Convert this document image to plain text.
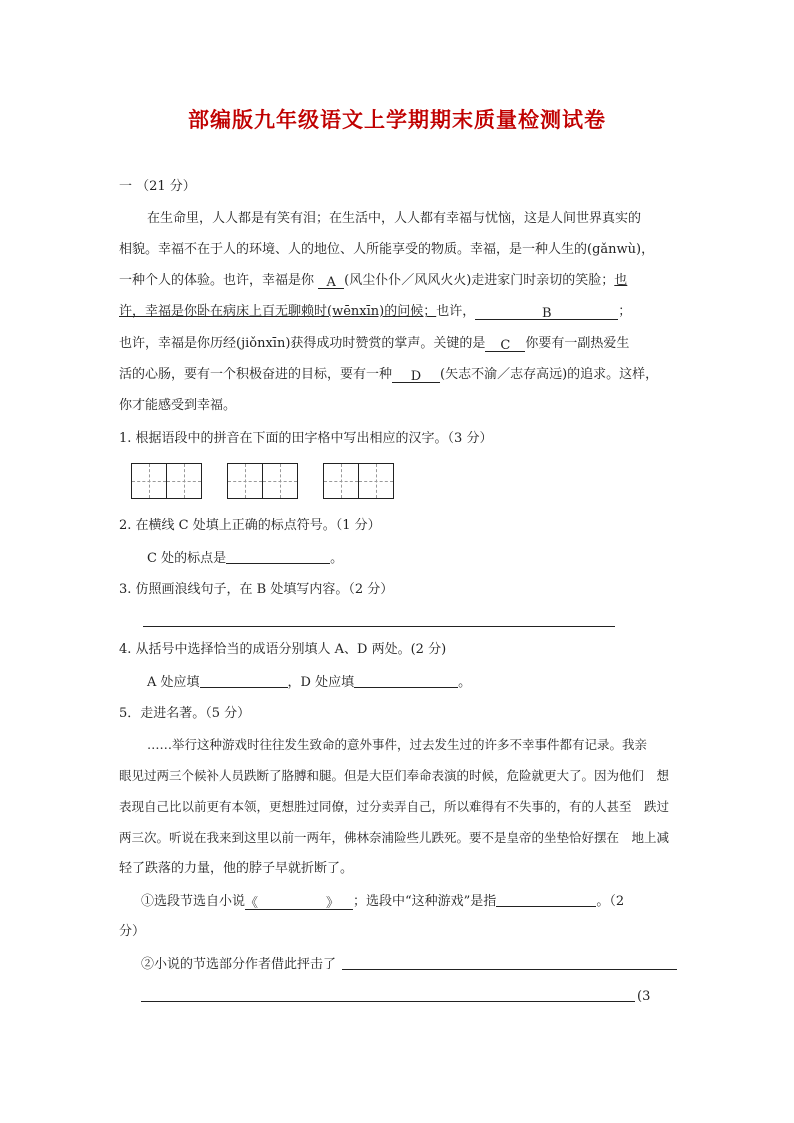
部编版九年级语文上学期期末质量检测试卷
一 （21 分）
在生命里，人人都是有笑有泪；在生活中，人人都有幸福与忧恼，这是人间世界真实的
相貌。幸福不在于人的环境、人的地位、人所能享受的物质。幸福，是一种人生的(gǎnwù)，
一种个人的体验。也许，幸福是你 A (风尘仆仆／风风火火)走进家门时亲切的笑脸；也
许，幸福是你卧在病床上百无聊赖时(wēnxīn)的问候；也许，	B	；
也许，幸福是你历经(jiǒnxīn)获得成功时赞赏的掌声。关键的是 C 你要有一副热爱生
活的心肠，要有一个积极奋进的目标，要有一种 D (矢志不渝／志存高远)的追求。这样，
你才能感受到幸福。
1. 根据语段中的拼音在下面的田字格中写出相应的汉字。（3 分）
2. 在横线 C 处填上正确的标点符号。（1 分）
C 处的标点是	。
3. 仿照画浪线句子，在 B 处填写内容。（2 分）
4. 从括号中选择恰当的成语分别填人 A、D 两处。(2 分)
A 处应填	，D 处应填	。
5．走进名著。（5 分）
……举行这种游戏时往往发生致命的意外事件，过去发生过的许多不幸事件都有记录。我亲
眼见过两三个候补人员跌断了胳膊和腿。但是大臣们奉命表演的时候，危险就更大了。因为他们　想
表现自己比以前更有本领，更想胜过同僚，过分卖弄自己，所以难得有不失事的，有的人甚至　跌过
两三次。听说在我来到这里以前一两年，佛林奈浦险些儿跌死。要不是皇帝的坐垫恰好摆在　地上减
轻了跌落的力量，他的脖子早就折断了。
①选段节选自小说《	》 ；选段中“这种游戏”是指	。（2
分）
②小说的节选部分作者借此抨击了
(3
